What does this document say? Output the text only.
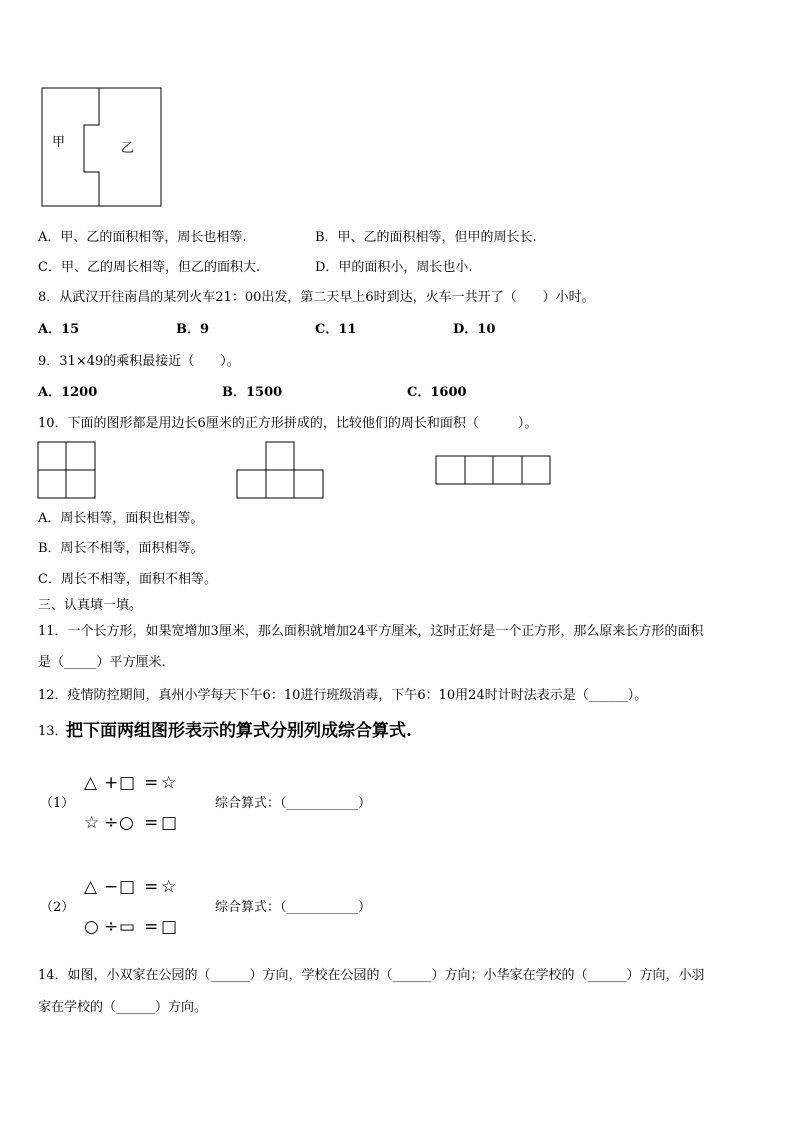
甲	乙
A．甲、乙的面积相等，周长也相等.	B．甲、乙的面积相等，但甲的周长长.
C．甲、乙的周长相等，但乙的面积大.	D．甲的面积小，周长也小.
8．从武汉开往南昌的某列火车21：00出发，第二天早上6时到达，火车一共开了（　　）小时。
A．15	B．9	C．11	D．10
9．31×49的乘积最接近（　　）。
A．1200	B．1500	C．1600
10．下面的图形都是用边长6厘米的正方形拼成的，比较他们的周长和面积（　　　）。
A．周长相等，面积也相等。
B．周长不相等，面积相等。
C．周长不相等，面积不相等。
三、认真填一填。
11．一个长方形，如果宽增加3厘米，那么面积就增加24平方厘米，这时正好是一个正方形，那么原来长方形的面积
是（_____）平方厘米.
12．疫情防控期间，真州小学每天下午6：10进行班级消毒，下午6：10用24时计时法表示是（______）。
13．
把下面两组图形表示的算式分别列成综合算式.
（1）
△ + □ = ☆
☆ ÷ ○ = □
综合算式：（___________）
（2）
△ − □ = ☆
○ ÷ ▭ = □
综合算式：（___________）
14．如图，小双家在公园的（______）方向，学校在公园的（______）方向；小华家在学校的（______）方向，小羽
家在学校的（______）方向。
